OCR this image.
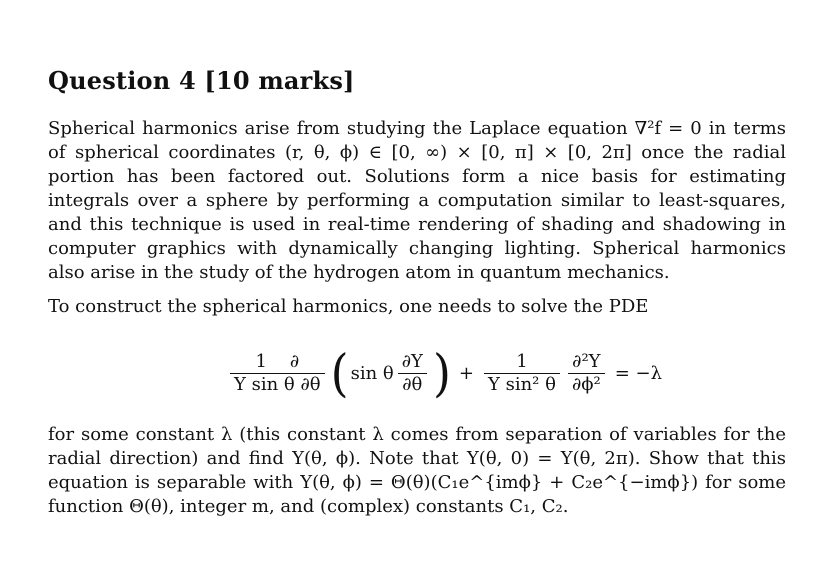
Question 4 [10 marks]

Spherical harmonics arise from studying the Laplace equation ∇²f = 0 in terms of spherical coordinates (r, θ, ϕ) ∈ [0, ∞) × [0, π] × [0, 2π] once the radial portion has been factored out. Solutions form a nice basis for estimating integrals over a sphere by performing a computation similar to least-squares, and this technique is used in real-time rendering of shading and shadowing in computer graphics with dynamically changing lighting. Spherical harmonics also arise in the study of the hydrogen atom in quantum mechanics.

To construct the spherical harmonics, one needs to solve the PDE

$\frac{1 \partial}{\text{Y sin θ ∂θ}}$ ( sin θ $\frac{\partial Y}{\partial\theta}$ ) + $\frac{1}{\text{Y sin² θ}} \frac{\text{∂²Y}}{\text{∂ϕ²}} = -\lambda$

for some constant λ (this constant λ comes from separation of variables for the radial direction) and find Y(θ, ϕ). Note that Y(θ, 0) = Y(θ, 2π). Show that this equation is separable with Y(θ, ϕ) = Θ(θ)(C₁e^{imϕ} + C₂e^{−imϕ}) for some function Θ(θ), integer m, and (complex) constants C₁, C₂.
